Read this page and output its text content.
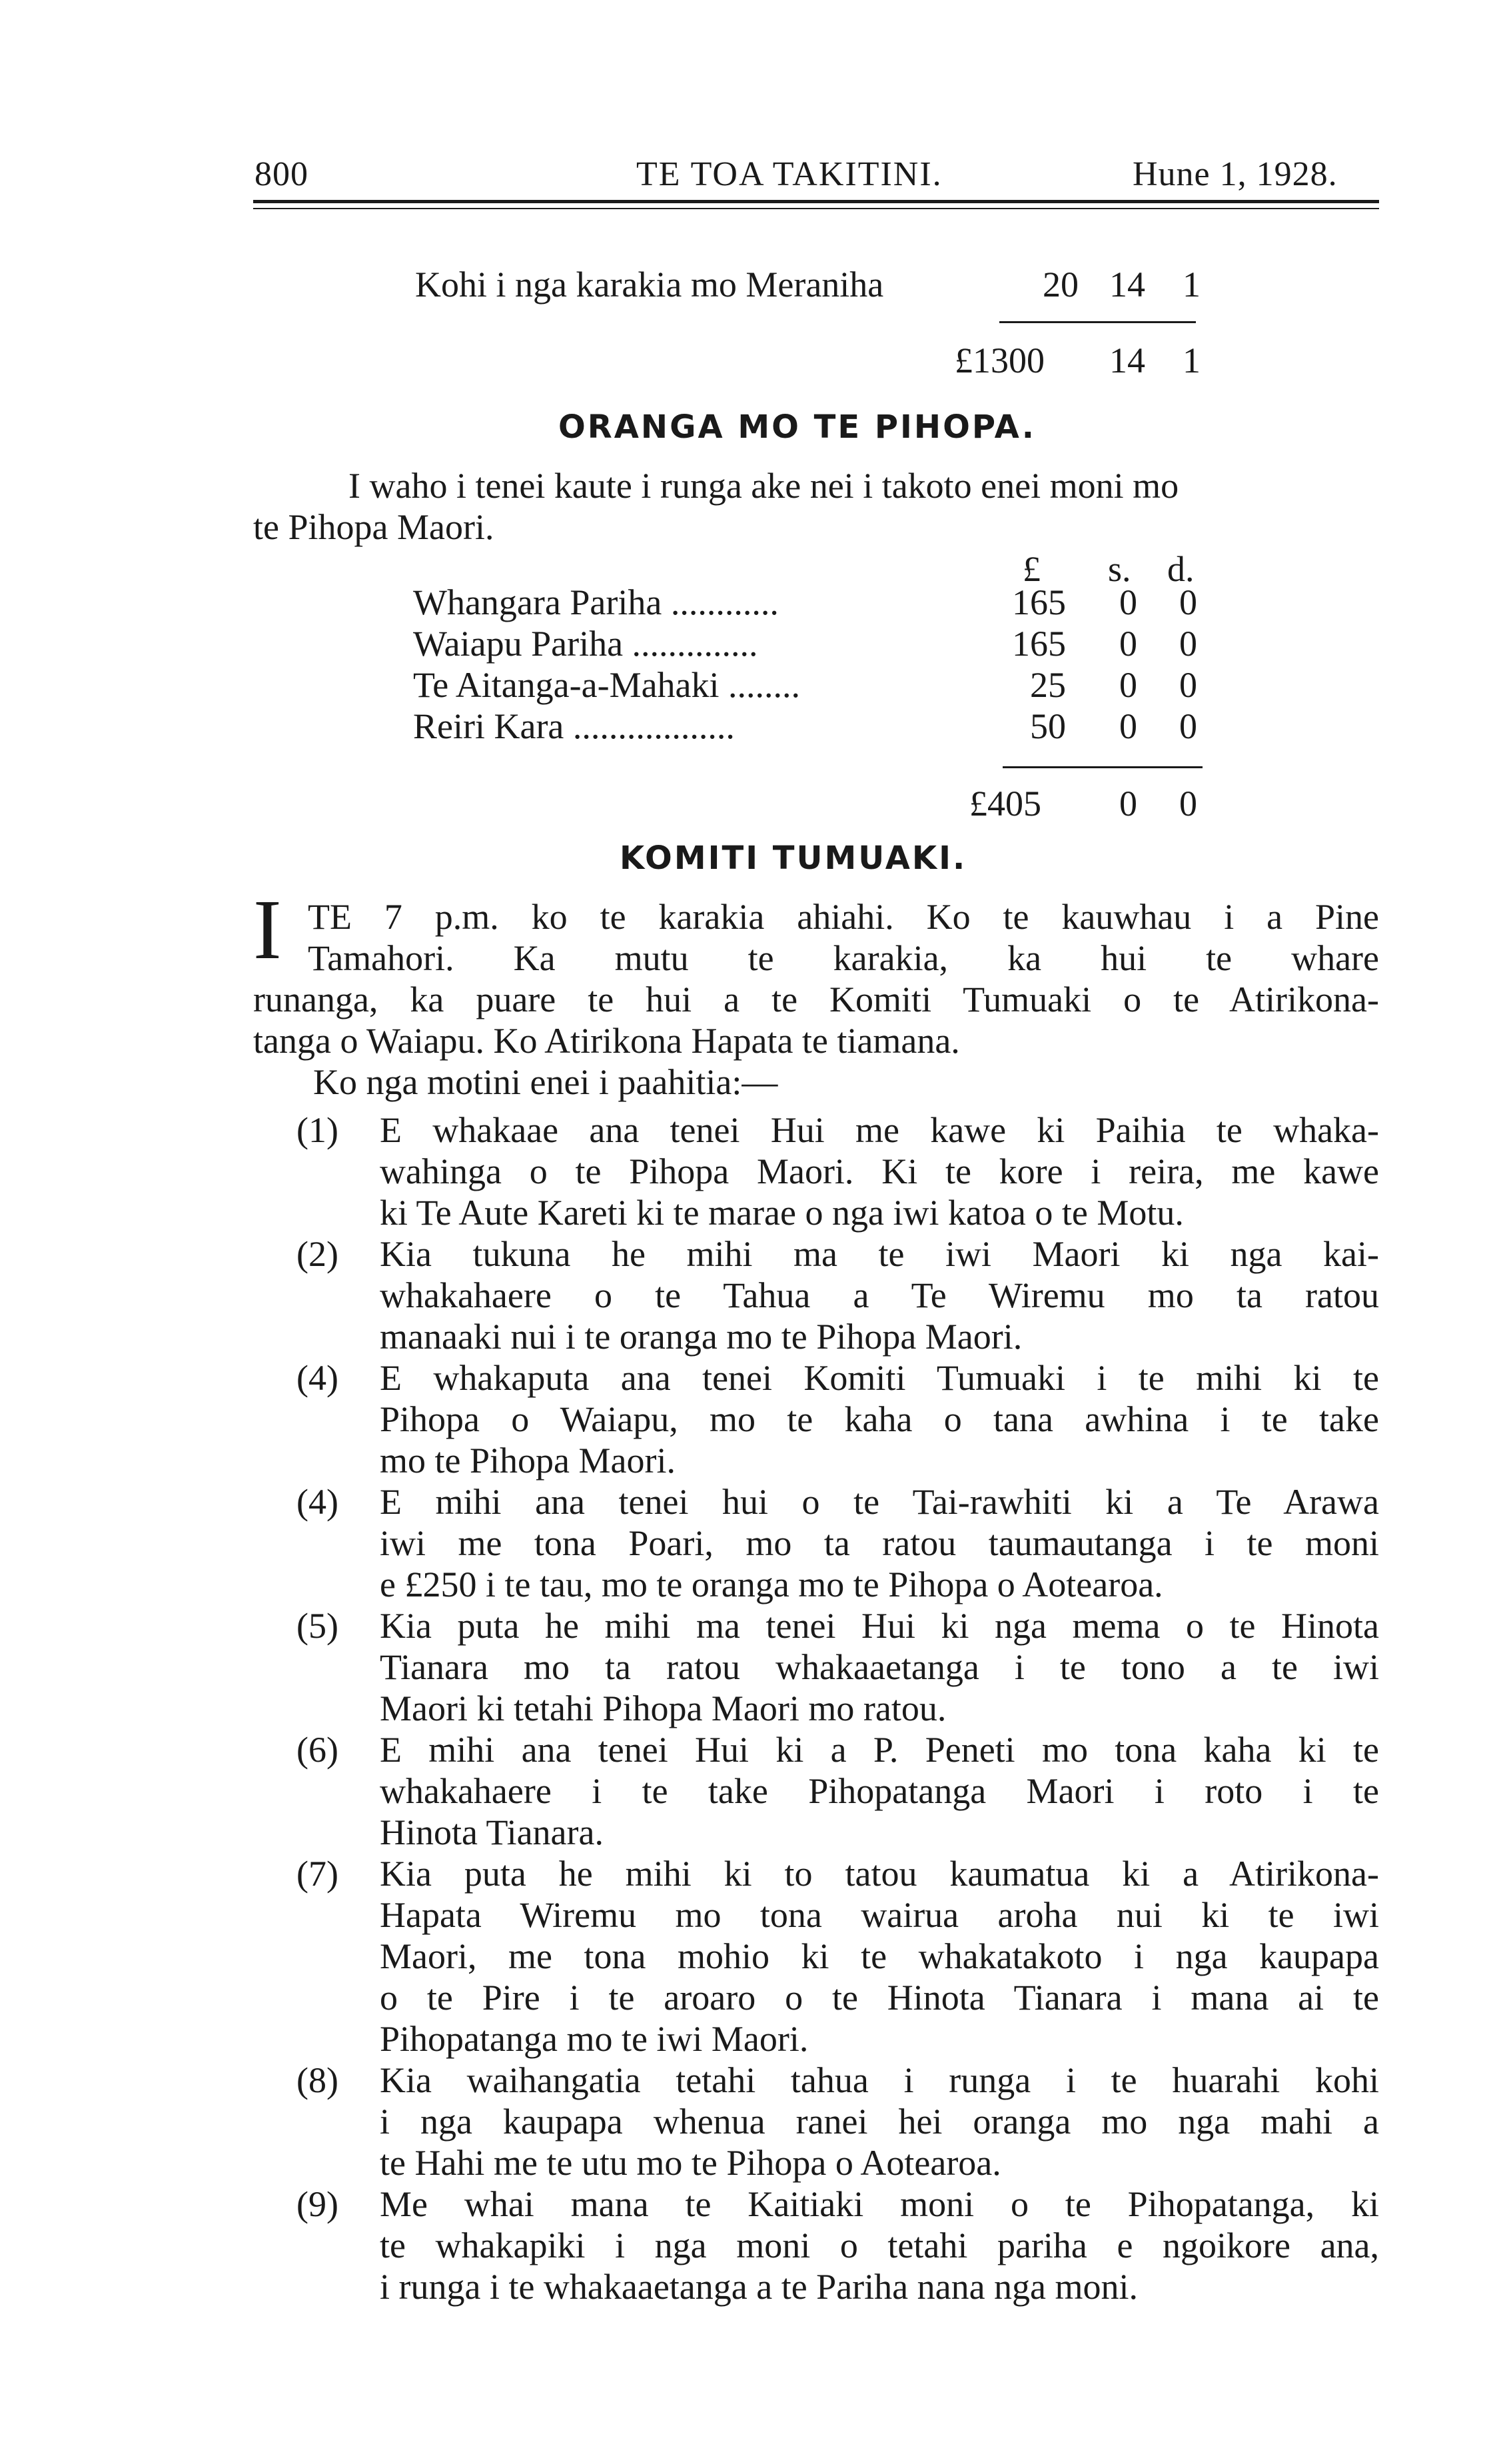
800	TE TOA TAKITINI.	Hune 1, 1928.
Kohi i nga karakia mo Meraniha	20 14 1
£1300 14 1
ORANGA MO TE PIHOPA.
I waho i tenei kaute i runga ake nei i takoto enei moni mo
te Pihopa Maori.
£ s. d.
Whangara Pariha ............	165 0 0
Waiapu Pariha ..............	165 0 0
Te Aitanga-a-Mahaki ........	25 0 0
Reiri Kara ..................	50 0 0
£405 0 0
KOMITI TUMUAKI.
I TE 7 p.m. ko te karakia ahiahi. Ko te kauwhau i a Pine
Tamahori. Ka mutu te karakia, ka hui te whare
runanga, ka puare te hui a te Komiti Tumuaki o te Atirikona-
tanga o Waiapu. Ko Atirikona Hapata te tiamana.
Ko nga motini enei i paahitia:—
(1) E whakaae ana tenei Hui me kawe ki Paihia te whaka-
wahinga o te Pihopa Maori. Ki te kore i reira, me kawe
ki Te Aute Kareti ki te marae o nga iwi katoa o te Motu.
(2) Kia tukuna he mihi ma te iwi Maori ki nga kai-
whakahaere o te Tahua a Te Wiremu mo ta ratou
manaaki nui i te oranga mo te Pihopa Maori.
(4) E whakaputa ana tenei Komiti Tumuaki i te mihi ki te
Pihopa o Waiapu, mo te kaha o tana awhina i te take
mo te Pihopa Maori.
(4) E mihi ana tenei hui o te Tai-rawhiti ki a Te Arawa
iwi me tona Poari, mo ta ratou taumautanga i te moni
e £250 i te tau, mo te oranga mo te Pihopa o Aotearoa.
(5) Kia puta he mihi ma tenei Hui ki nga mema o te Hinota
Tianara mo ta ratou whakaaetanga i te tono a te iwi
Maori ki tetahi Pihopa Maori mo ratou.
(6) E mihi ana tenei Hui ki a P. Peneti mo tona kaha ki te
whakahaere i te take Pihopatanga Maori i roto i te
Hinota Tianara.
(7) Kia puta he mihi ki to tatou kaumatua ki a Atirikona-
Hapata Wiremu mo tona wairua aroha nui ki te iwi
Maori, me tona mohio ki te whakatakoto i nga kaupapa
o te Pire i te aroaro o te Hinota Tianara i mana ai te
Pihopatanga mo te iwi Maori.
(8) Kia waihangatia tetahi tahua i runga i te huarahi kohi
i nga kaupapa whenua ranei hei oranga mo nga mahi a
te Hahi me te utu mo te Pihopa o Aotearoa.
(9) Me whai mana te Kaitiaki moni o te Pihopatanga, ki
te whakapiki i nga moni o tetahi pariha e ngoikore ana,
i runga i te whakaaetanga a te Pariha nana nga moni.
